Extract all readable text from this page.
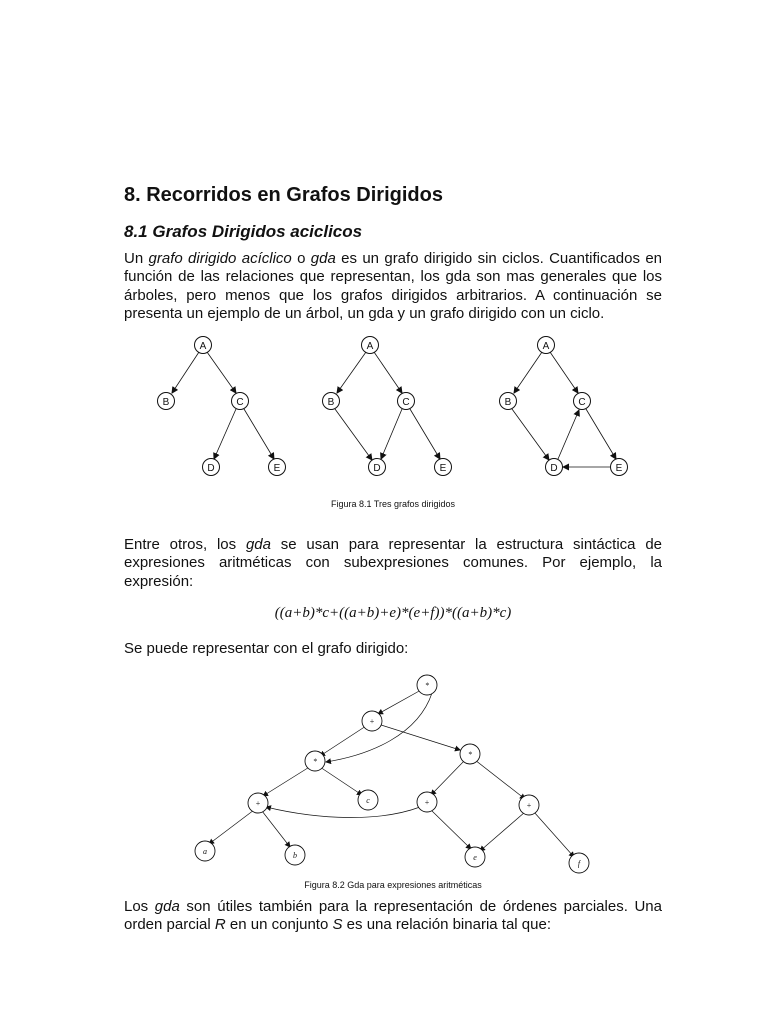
8. Recorridos en Grafos Dirigidos
8.1 Grafos Dirigidos aciclicos

Un grafo dirigido acíclico o gda es un grafo dirigido sin ciclos. Cuantificados en función de las relaciones que representan, los gda son mas generales que los árboles, pero menos que los grafos dirigidos arbitrarios. A continuación se presenta un ejemplo de un árbol, un gda y un grafo dirigido con un ciclo.

A
B	C
D	E
A
B	C
D	E
A
B	C
D	E
Figura 8.1 Tres grafos dirigidos

Entre otros, los gda se usan para representar la estructura sintáctica de expresiones aritméticas con subexpresiones comunes. Por ejemplo, la expresión:

((a+b)*c+((a+b)+e)*(e+f))*((a+b)*c)

Se puede representar con el grafo dirigido:

*
+
*
*
c
+	+	+
a	b	e
f
Figura 8.2 Gda para expresiones aritméticas

Los gda son útiles también para la representación de órdenes parciales. Una orden parcial R en un conjunto S es una relación binaria tal que:
